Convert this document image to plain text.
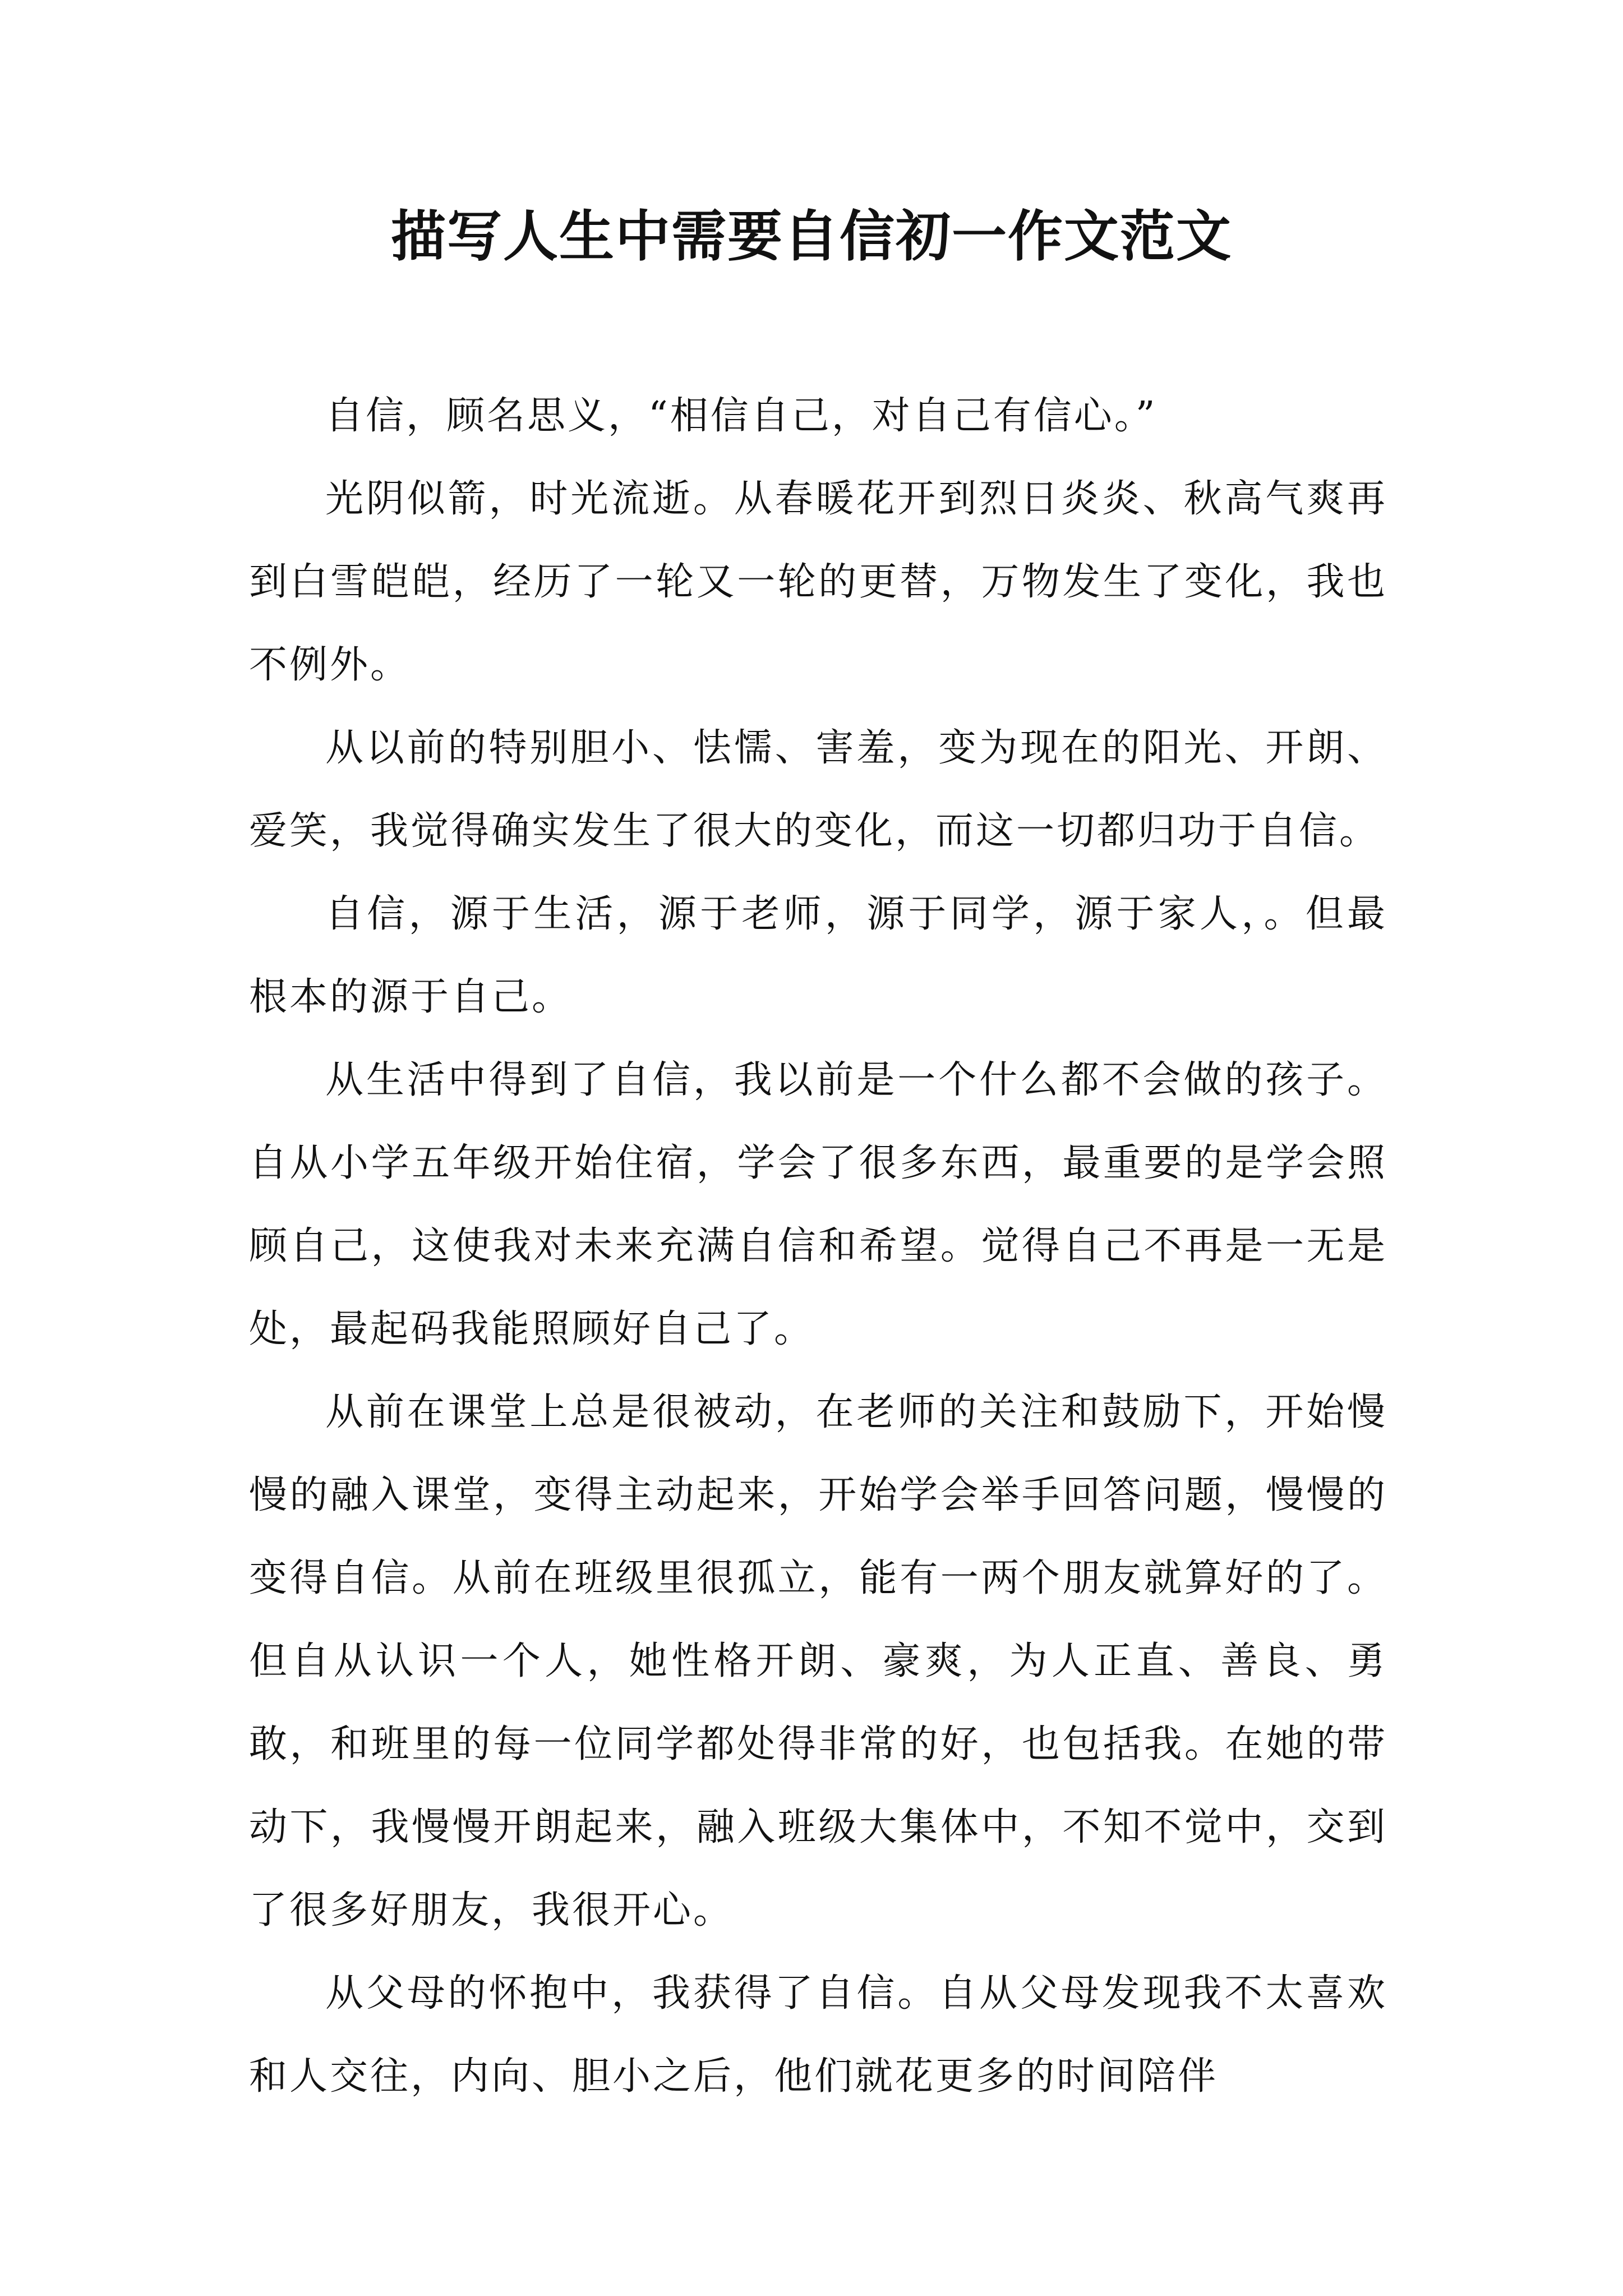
描写人生中需要自信初一作文范文

自信，顾名思义，“相信自己，对自己有信心。”

光阴似箭，时光流逝。从春暖花开到烈日炎炎、秋高气爽再到白雪皑皑，经历了一轮又一轮的更替，万物发生了变化，我也不例外。

从以前的特别胆小、怯懦、害羞，变为现在的阳光、开朗、爱笑，我觉得确实发生了很大的变化，而这一切都归功于自信。

自信，源于生活，源于老师，源于同学，源于家人，。但最根本的源于自己。

从生活中得到了自信，我以前是一个什么都不会做的孩子。自从小学五年级开始住宿，学会了很多东西，最重要的是学会照顾自己，这使我对未来充满自信和希望。觉得自己不再是一无是处，最起码我能照顾好自己了。

从前在课堂上总是很被动，在老师的关注和鼓励下，开始慢慢的融入课堂，变得主动起来，开始学会举手回答问题，慢慢的变得自信。从前在班级里很孤立，能有一两个朋友就算好的了。但自从认识一个人，她性格开朗、豪爽，为人正直、善良、勇敢，和班里的每一位同学都处得非常的好，也包括我。在她的带动下，我慢慢开朗起来，融入班级大集体中，不知不觉中，交到了很多好朋友，我很开心。

从父母的怀抱中，我获得了自信。自从父母发现我不太喜欢和人交往，内向、胆小之后，他们就花更多的时间陪伴
